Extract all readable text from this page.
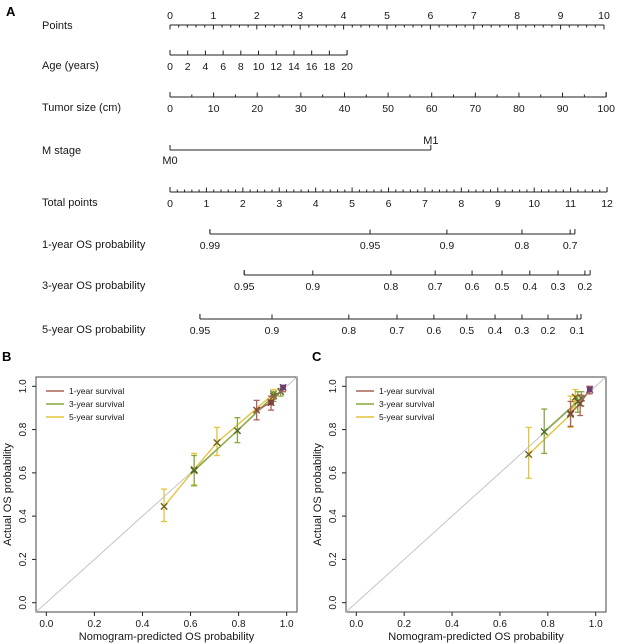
A
B	C
Points
0	1	2	3	4	5	6	7	8	9	10
Age (years)	0 2 4 6 8 10 12 14 16 18 20
Tumor size (cm)	0	10	20	30	40	50	60	70	80	90	100
M stage
M0
M1
Total points	0	1	2	3	4	5	6	7	8	9	10 11 12
1-year OS probability	0.99	0.95	0.9	0.8	0.7
3-year OS probability	0.95	0.9	0.8	0.7 0.6 0.5 0.4 0.3 0.2
5-year OS probability	0.95	0.9	0.8	0.7 0.6 0.5 0.4 0.3 0.2 0.1
0.0	0.2	0.4	0.6	0.8	1.0
0.0
0.2
0.4
0.6
0.8
1.0
Nomogram-predicted OS probability
Actual OS probability
1-year survival
3-year survival
5-year survival
0.0	0.2	0.4	0.6	0.8	1.0
0.0
0.2
0.4
0.6
0.8
1.0
Nomogram-predicted OS probability
Actual OS probability
1-year survival
3-year survival
5-year survival
